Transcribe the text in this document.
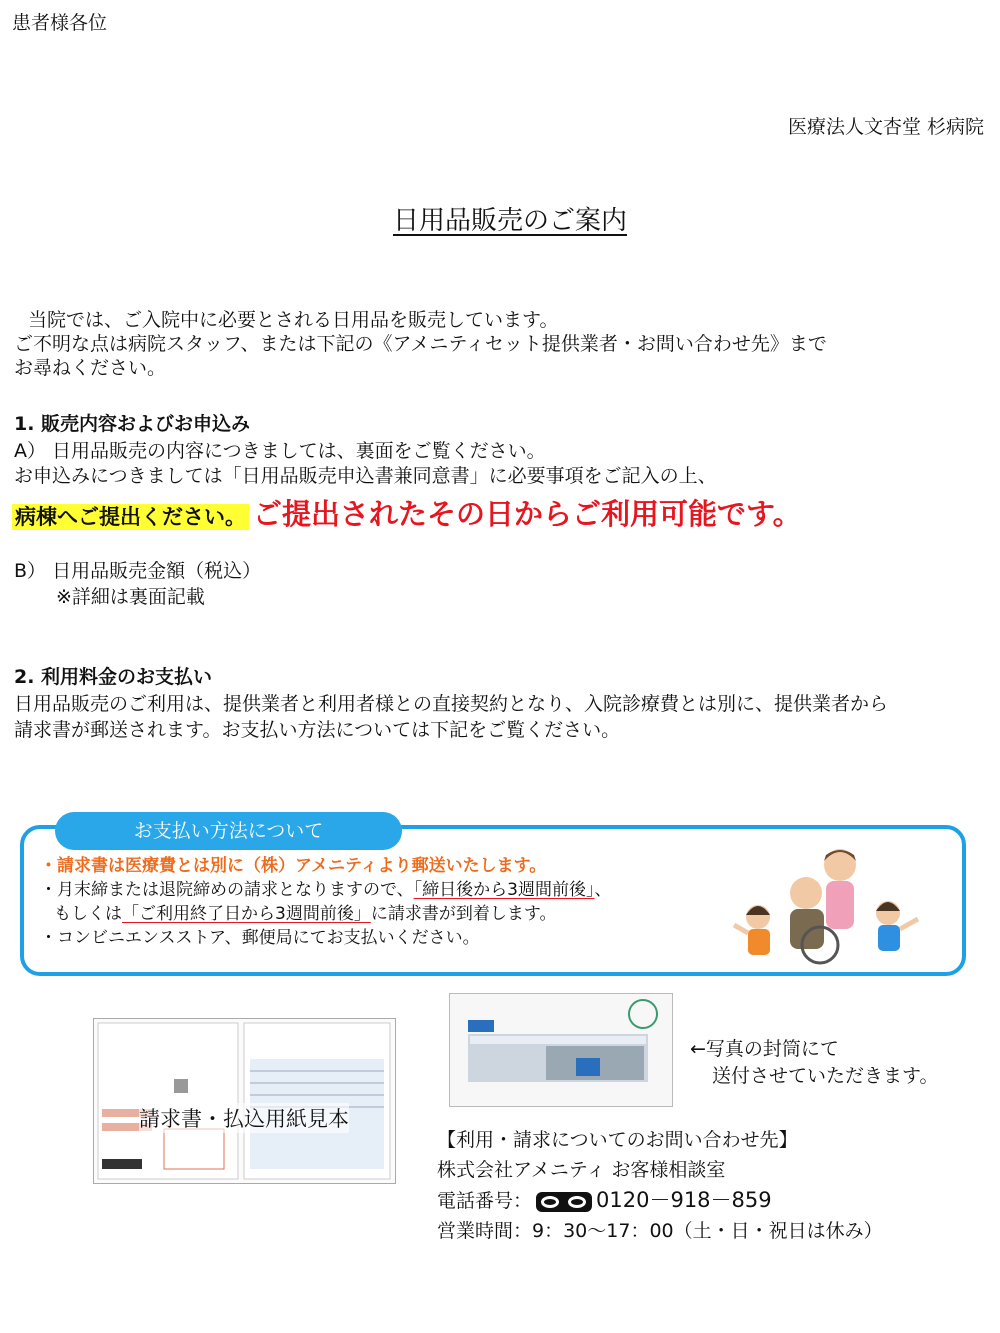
患者様各位
医療法人文杏堂 杉病院
日用品販売のご案内
当院では、ご入院中に必要とされる日用品を販売しています。
ご不明な点は病院スタッフ、または下記の《アメニティセット提供業者・お問い合わせ先》まで
お尋ねください。
1. 販売内容およびお申込み
A） 日用品販売の内容につきましては、裏面をご覧ください。
お申込みにつきましては「日用品販売申込書兼同意書」に必要事項をご記入の上、
病棟へご提出ください。 ご提出されたその日からご利用可能です。
B） 日用品販売金額（税込）
※詳細は裏面記載
2. 利用料金のお支払い
日用品販売のご利用は、提供業者と利用者様との直接契約となり、入院診療費とは別に、提供業者から
請求書が郵送されます。お支払い方法については下記をご覧ください。
お支払い方法について
・請求書は医療費とは別に（株）アメニティより郵送いたします。
・月末締または退院締めの請求となりますので、「締日後から3週間前後」、
もしくは「ご利用終了日から3週間前後」に請求書が到着します。
・コンビニエンスストア、郵便局にてお支払いください。
請求書・払込用紙見本
←写真の封筒にて
送付させていただきます。
【利用・請求についてのお問い合わせ先】
株式会社アメニティ お客様相談室
電話番号：	0120－918－859
営業時間：9：30～17：00（土・日・祝日は休み）
